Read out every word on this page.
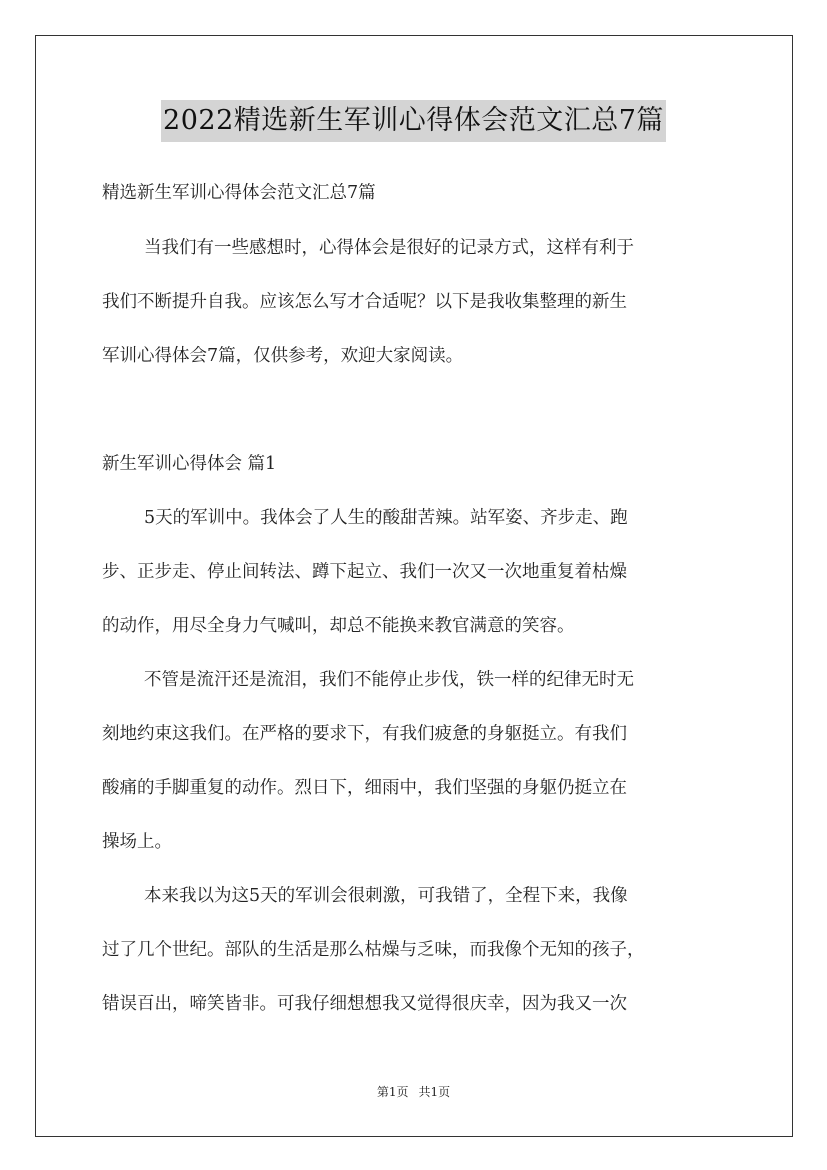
2022精选新生军训心得体会范文汇总7篇
精选新生军训心得体会范文汇总7篇
当我们有一些感想时，心得体会是很好的记录方式，这样有利于
我们不断提升自我。应该怎么写才合适呢？以下是我收集整理的新生
军训心得体会7篇，仅供参考，欢迎大家阅读。
新生军训心得体会 篇1
5天的军训中。我体会了人生的酸甜苦辣。站军姿、齐步走、跑
步、正步走、停止间转法、蹲下起立、我们一次又一次地重复着枯燥
的动作，用尽全身力气喊叫，却总不能换来教官满意的笑容。
不管是流汗还是流泪，我们不能停止步伐，铁一样的纪律无时无
刻地约束这我们。在严格的要求下，有我们疲惫的身躯挺立。有我们
酸痛的手脚重复的动作。烈日下，细雨中，我们坚强的身躯仍挺立在
操场上。
本来我以为这5天的军训会很刺激，可我错了，全程下来，我像
过了几个世纪。部队的生活是那么枯燥与乏味，而我像个无知的孩子，
错误百出，啼笑皆非。可我仔细想想我又觉得很庆幸，因为我又一次
第1页 共1页
